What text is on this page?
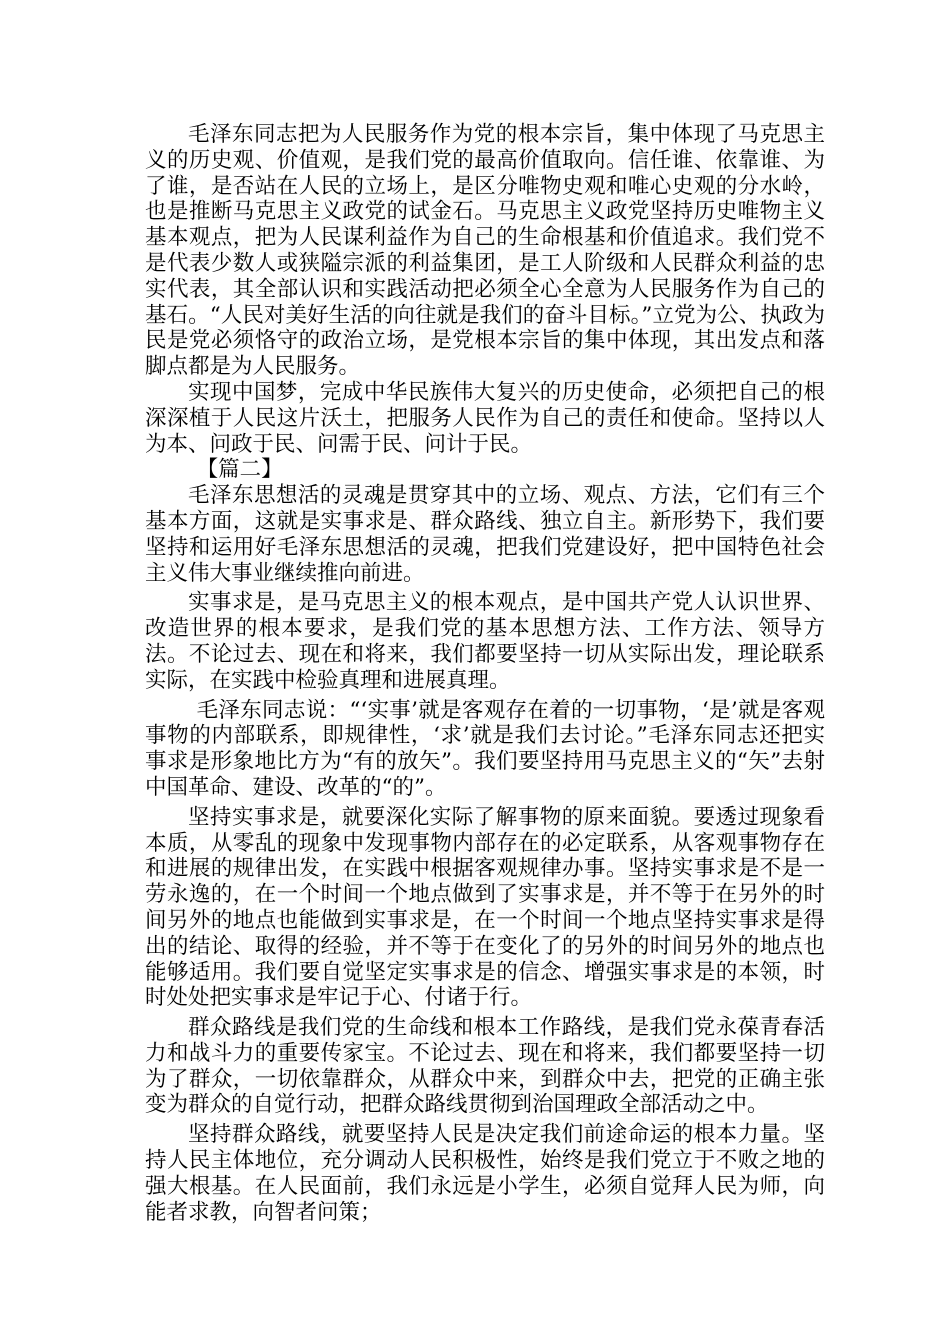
毛泽东同志把为人民服务作为党的根本宗旨，集中体现了马克思主义的历史观、价值观，是我们党的最高价值取向。信任谁、依靠谁、为了谁，是否站在人民的立场上，是区分唯物史观和唯心史观的分水岭，也是推断马克思主义政党的试金石。马克思主义政党坚持历史唯物主义基本观点，把为人民谋利益作为自己的生命根基和价值追求。我们党不是代表少数人或狭隘宗派的利益集团，是工人阶级和人民群众利益的忠实代表，其全部认识和实践活动把必须全心全意为人民服务作为自己的基石。“人民对美好生活的向往就是我们的奋斗目标。”立党为公、执政为民是党必须恪守的政治立场，是党根本宗旨的集中体现，其出发点和落脚点都是为人民服务。

实现中国梦，完成中华民族伟大复兴的历史使命，必须把自己的根深深植于人民这片沃土，把服务人民作为自己的责任和使命。坚持以人为本、问政于民、问需于民、问计于民。

【篇二】

毛泽东思想活的灵魂是贯穿其中的立场、观点、方法，它们有三个基本方面，这就是实事求是、群众路线、独立自主。新形势下，我们要坚持和运用好毛泽东思想活的灵魂，把我们党建设好，把中国特色社会主义伟大事业继续推向前进。

实事求是，是马克思主义的根本观点，是中国共产党人认识世界、改造世界的根本要求，是我们党的基本思想方法、工作方法、领导方法。不论过去、现在和将来，我们都要坚持一切从实际出发，理论联系实际，在实践中检验真理和进展真理。

毛泽东同志说：“‘实事’就是客观存在着的一切事物，‘是’就是客观事物的内部联系，即规律性，‘求’就是我们去讨论。”毛泽东同志还把实事求是形象地比方为“有的放矢”。我们要坚持用马克思主义的“矢”去射中国革命、建设、改革的“的”。

坚持实事求是，就要深化实际了解事物的原来面貌。要透过现象看本质，从零乱的现象中发现事物内部存在的必定联系，从客观事物存在和进展的规律出发，在实践中根据客观规律办事。坚持实事求是不是一劳永逸的，在一个时间一个地点做到了实事求是，并不等于在另外的时间另外的地点也能做到实事求是，在一个时间一个地点坚持实事求是得出的结论、取得的经验，并不等于在变化了的另外的时间另外的地点也能够适用。我们要自觉坚定实事求是的信念、增强实事求是的本领，时时处处把实事求是牢记于心、付诸于行。

群众路线是我们党的生命线和根本工作路线，是我们党永葆青春活力和战斗力的重要传家宝。不论过去、现在和将来，我们都要坚持一切为了群众，一切依靠群众，从群众中来，到群众中去，把党的正确主张变为群众的自觉行动，把群众路线贯彻到治国理政全部活动之中。

坚持群众路线，就要坚持人民是决定我们前途命运的根本力量。坚持人民主体地位，充分调动人民积极性，始终是我们党立于不败之地的强大根基。在人民面前，我们永远是小学生，必须自觉拜人民为师，向能者求教，向智者问策；
